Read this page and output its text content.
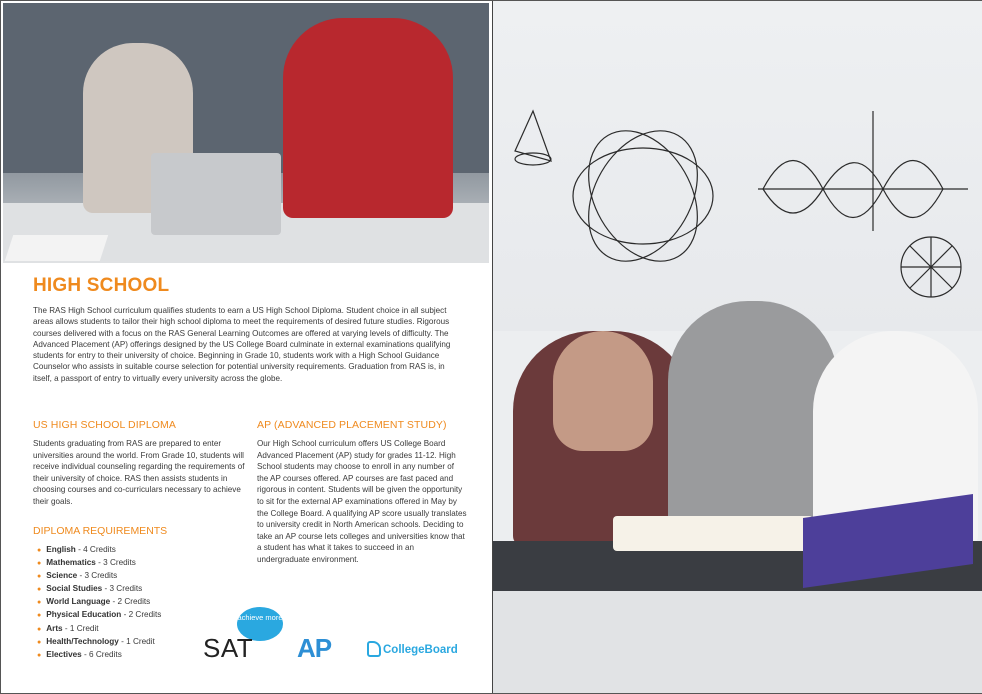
HIGH SCHOOL
The RAS High School curriculum qualifies students to earn a US High School Diploma. Student choice in all subject areas allows students to tailor their high school diploma to meet the requirements of desired future studies. Rigorous courses delivered with a focus on the RAS General Learning Outcomes are offered at varying levels of difficulty. The Advanced Placement (AP) offerings designed by the US College Board culminate in external examinations qualifying students for entry to their university of choice. Beginning in Grade 10, students work with a High School Guidance Counselor who assists in suitable course selection for potential university requirements. Graduation from RAS is, in itself, a passport of entry to virtually every university across the globe.
US HIGH SCHOOL DIPLOMA
Students graduating from RAS are prepared to enter universities around the world. From Grade 10, students will receive individual counseling regarding the requirements of their university of choice. RAS then assists students in choosing courses and co-curriculars necessary to achieve their goals.
AP (ADVANCED PLACEMENT STUDY)
Our High School curriculum offers US College Board Advanced Placement (AP) study for grades 11-12. High School students may choose to enroll in any number of the AP courses offered. AP courses are fast paced and rigorous in content. Students will be given the opportunity to sit for the external AP examinations offered in May by the College Board. A qualifying AP score usually translates to university credit in North American schools. Deciding to take an AP course lets colleges and universities know that a student has what it takes to succeed in an undergraduate environment.
DIPLOMA REQUIREMENTS
● English - 4 Credits
● Mathematics - 3 Credits
● Science - 3 Credits
● Social Studies - 3 Credits
● World Language - 2 Credits
● Physical Education - 2 Credits
● Arts - 1 Credit
● Health/Technology - 1 Credit
● Electives - 6 Credits
achieve more
SAT AP	CollegeBoard
